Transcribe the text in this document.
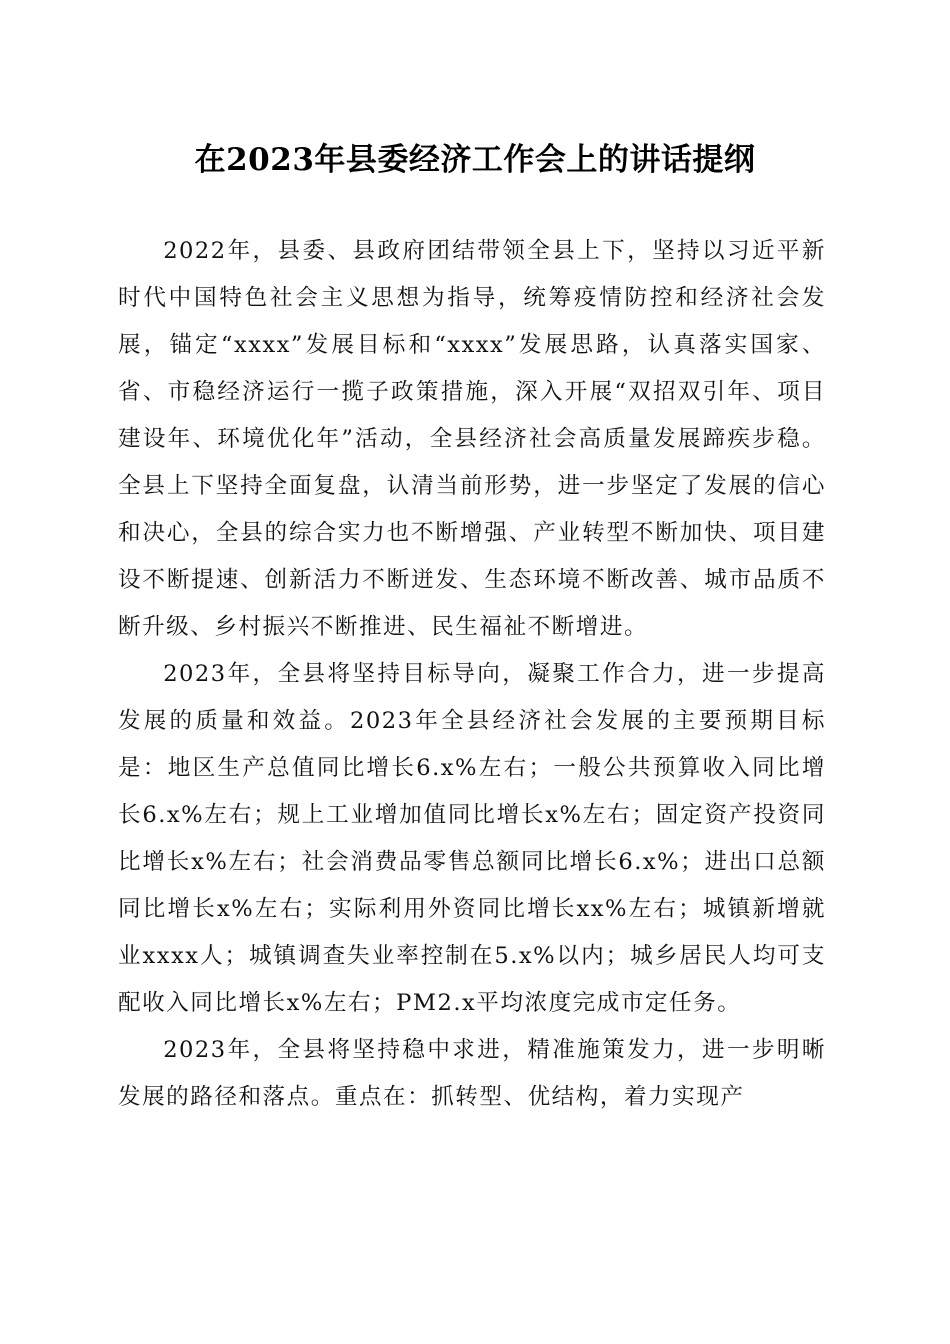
在2023年县委经济工作会上的讲话提纲

2022年，县委、县政府团结带领全县上下，坚持以习近平新时代中国特色社会主义思想为指导，统筹疫情防控和经济社会发展，锚定“xxxx”发展目标和“xxxx”发展思路，认真落实国家、省、市稳经济运行一揽子政策措施，深入开展“双招双引年、项目建设年、环境优化年”活动，全县经济社会高质量发展蹄疾步稳。全县上下坚持全面复盘，认清当前形势，进一步坚定了发展的信心和决心，全县的综合实力也不断增强、产业转型不断加快、项目建设不断提速、创新活力不断迸发、生态环境不断改善、城市品质不断升级、乡村振兴不断推进、民生福祉不断增进。

2023年，全县将坚持目标导向，凝聚工作合力，进一步提高发展的质量和效益。2023年全县经济社会发展的主要预期目标是：地区生产总值同比增长6.x%左右；一般公共预算收入同比增长6.x%左右；规上工业增加值同比增长x%左右；固定资产投资同比增长x%左右；社会消费品零售总额同比增长6.x%；进出口总额同比增长x%左右；实际利用外资同比增长xx%左右；城镇新增就业xxxx人；城镇调查失业率控制在5.x%以内；城乡居民人均可支配收入同比增长x%左右；PM2.x平均浓度完成市定任务。

2023年，全县将坚持稳中求进，精准施策发力，进一步明晰发展的路径和落点。重点在：抓转型、优结构，着力实现产
